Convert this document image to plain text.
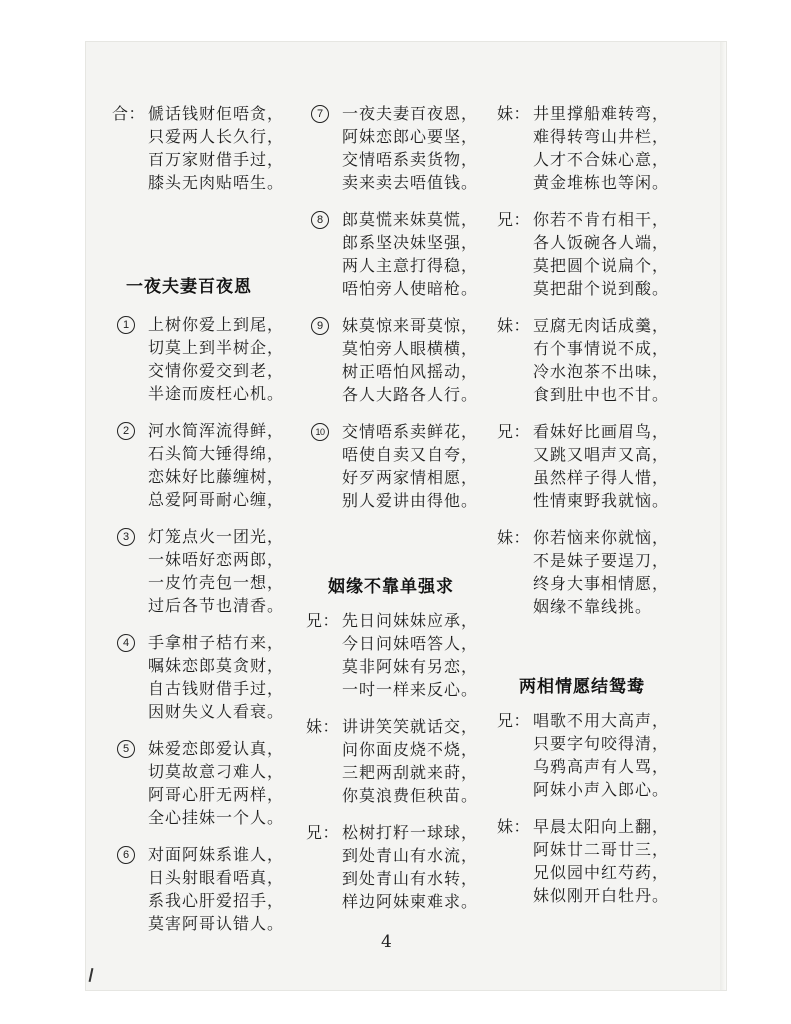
合： 傂话钱财佢唔贪，
只爱两人长久行，
百万家财借手过，
膝头无肉贴唔生。
一夜夫妻百夜恩
1	上树你爱上到尾，
切莫上到半树企，
交情你爱交到老，
半途而废枉心机。
2	河水简浑流得鲜，
石头简大锤得绵，
恋妹好比藤缠树，
总爱阿哥耐心缠，
3	灯笼点火一团光，
一妹唔好恋两郎，
一皮竹壳包一想，
过后各节也清香。
4	手拿柑子桔冇来，
嘱妹恋郎莫贪财，
自古钱财借手过，
因财失义人看衰。
5	妹爱恋郎爱认真，
切莫故意刁难人，
阿哥心肝无两样，
全心挂妹一个人。
6	对面阿妹系谁人，
日头射眼看唔真，
系我心肝爱招手，
莫害阿哥认错人。
7	一夜夫妻百夜恩，
阿妹恋郎心要坚，
交情唔系卖货物，
卖来卖去唔值钱。
8	郎莫慌来妹莫慌，
郎系坚决妹坚强，
两人主意打得稳，
唔怕旁人使暗枪。
9	妹莫惊来哥莫惊，
莫怕旁人眼横横，
树正唔怕风摇动，
各人大路各人行。
10 交情唔系卖鲜花，
唔使自卖又自夸，
好歹两家情相愿，
别人爱讲由得他。
姻缘不靠单强求
兄： 先日问妹妹应承，
今日问妹唔答人，
莫非阿妹有另恋，
一吋一样来反心。
妹： 讲讲笑笑就话交，
问你面皮烧不烧，
三耙两刮就来莳，
你莫浪费佢秧苗。
兄： 松树打籽一球球，
到处青山有水流，
到处青山有水转，
样边阿妹柬难求。
妹： 井里撑船难转弯，
难得转弯山井栏，
人才不合妹心意，
黄金堆栋也等闲。
兄： 你若不肯冇相干，
各人饭碗各人端，
莫把圆个说扁个，
莫把甜个说到酸。
妹： 豆腐无肉话成羹，
冇个事情说不成，
冷水泡茶不出味，
食到肚中也不甘。
兄： 看妹好比画眉鸟，
又跳又唱声又高，
虽然样子得人惜，
性情柬野我就恼。
妹： 你若恼来你就恼，
不是妹子要逞刀，
终身大事相情愿，
姻缘不靠线挑。
两相情愿结鸳鸯
兄： 唱歌不用大高声，
只要字句咬得清，
乌鸦高声有人骂，
阿妹小声入郎心。
妹： 早晨太阳向上翻，
阿妹廿二哥廿三，
兄似园中红芍药，
妹似刚开白牡丹。
4
